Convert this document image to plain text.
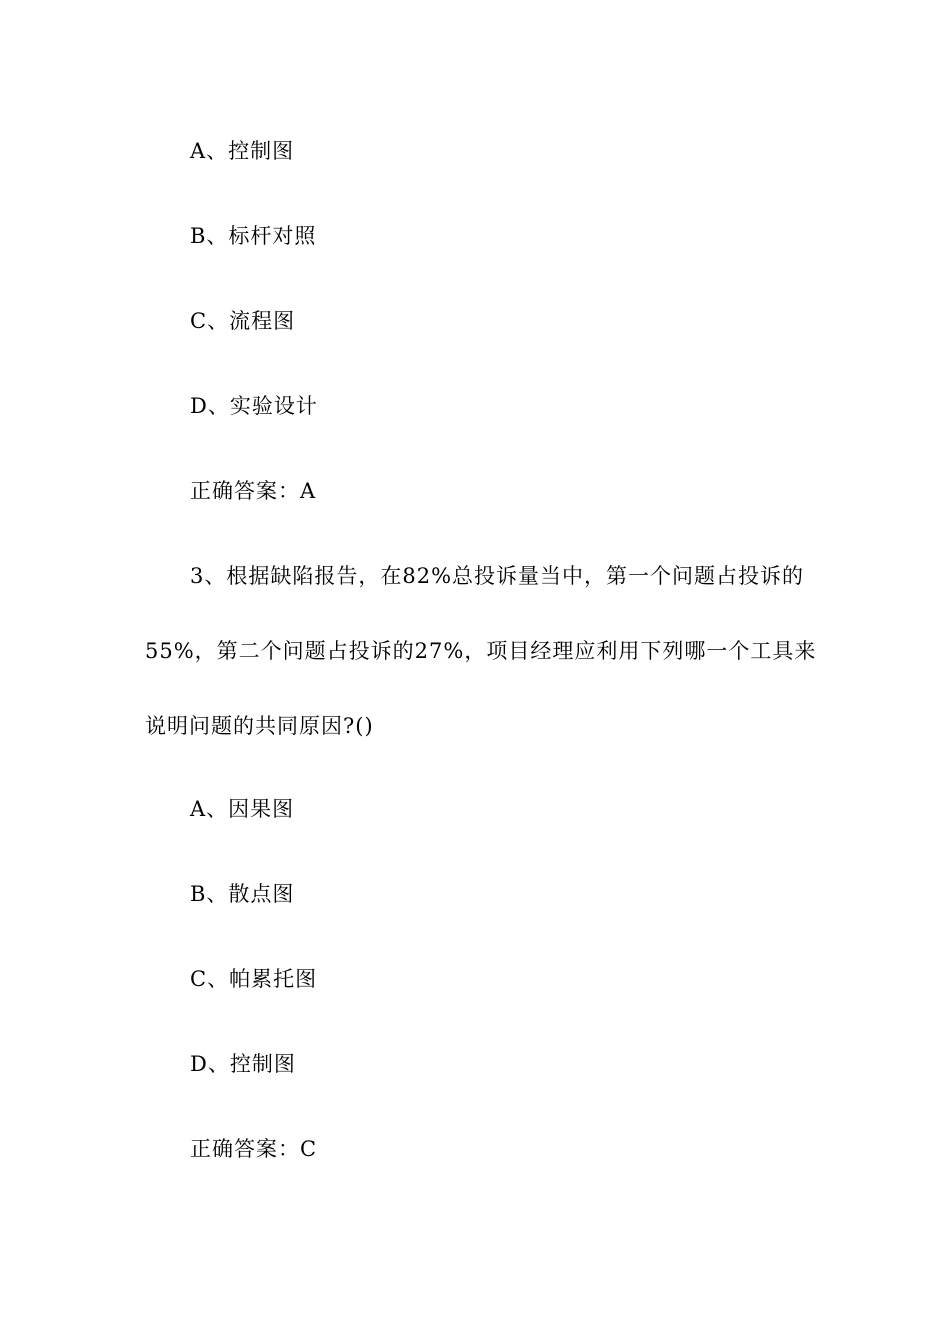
A、控制图
B、标杆对照
C、流程图
D、实验设计
正确答案：A
3、根据缺陷报告，在82%总投诉量当中，第一个问题占投诉的
55%，第二个问题占投诉的27%，项目经理应利用下列哪一个工具来
说明问题的共同原因?()
A、因果图
B、散点图
C、帕累托图
D、控制图
正确答案：C
